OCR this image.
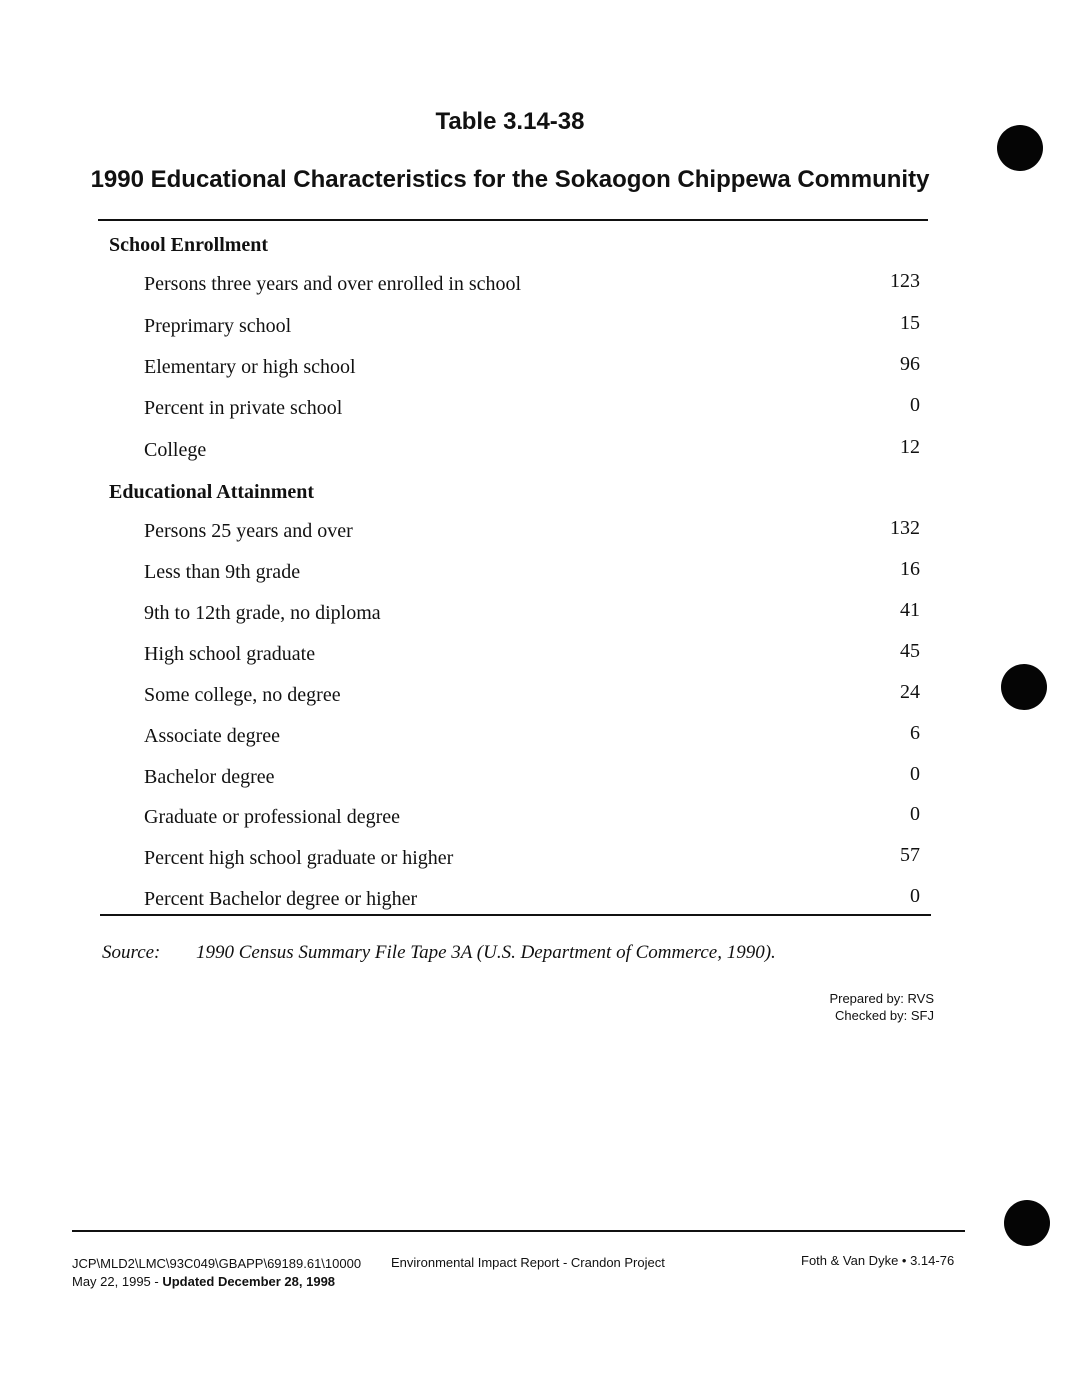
Table 3.14-38
1990 Educational Characteristics for the Sokaogon Chippewa Community
School Enrollment
Persons three years and over enrolled in school	123
Preprimary school	15
Elementary or high school	96
Percent in private school	0
College	12
Educational Attainment
Persons 25 years and over	132
Less than 9th grade	16
9th to 12th grade, no diploma	41
High school graduate	45
Some college, no degree	24
Associate degree	6
Bachelor degree	0
Graduate or professional degree	0
Percent high school graduate or higher	57
Percent Bachelor degree or higher	0
Source: 1990 Census Summary File Tape 3A (U.S. Department of Commerce, 1990).
Prepared by: RVS
Checked by: SFJ
JCP\MLD2\LMC\93C049\GBAPP\69189.61\10000
May 22, 1995 - Updated December 28, 1998
Environmental Impact Report - Crandon Project	Foth & Van Dyke • 3.14-76
